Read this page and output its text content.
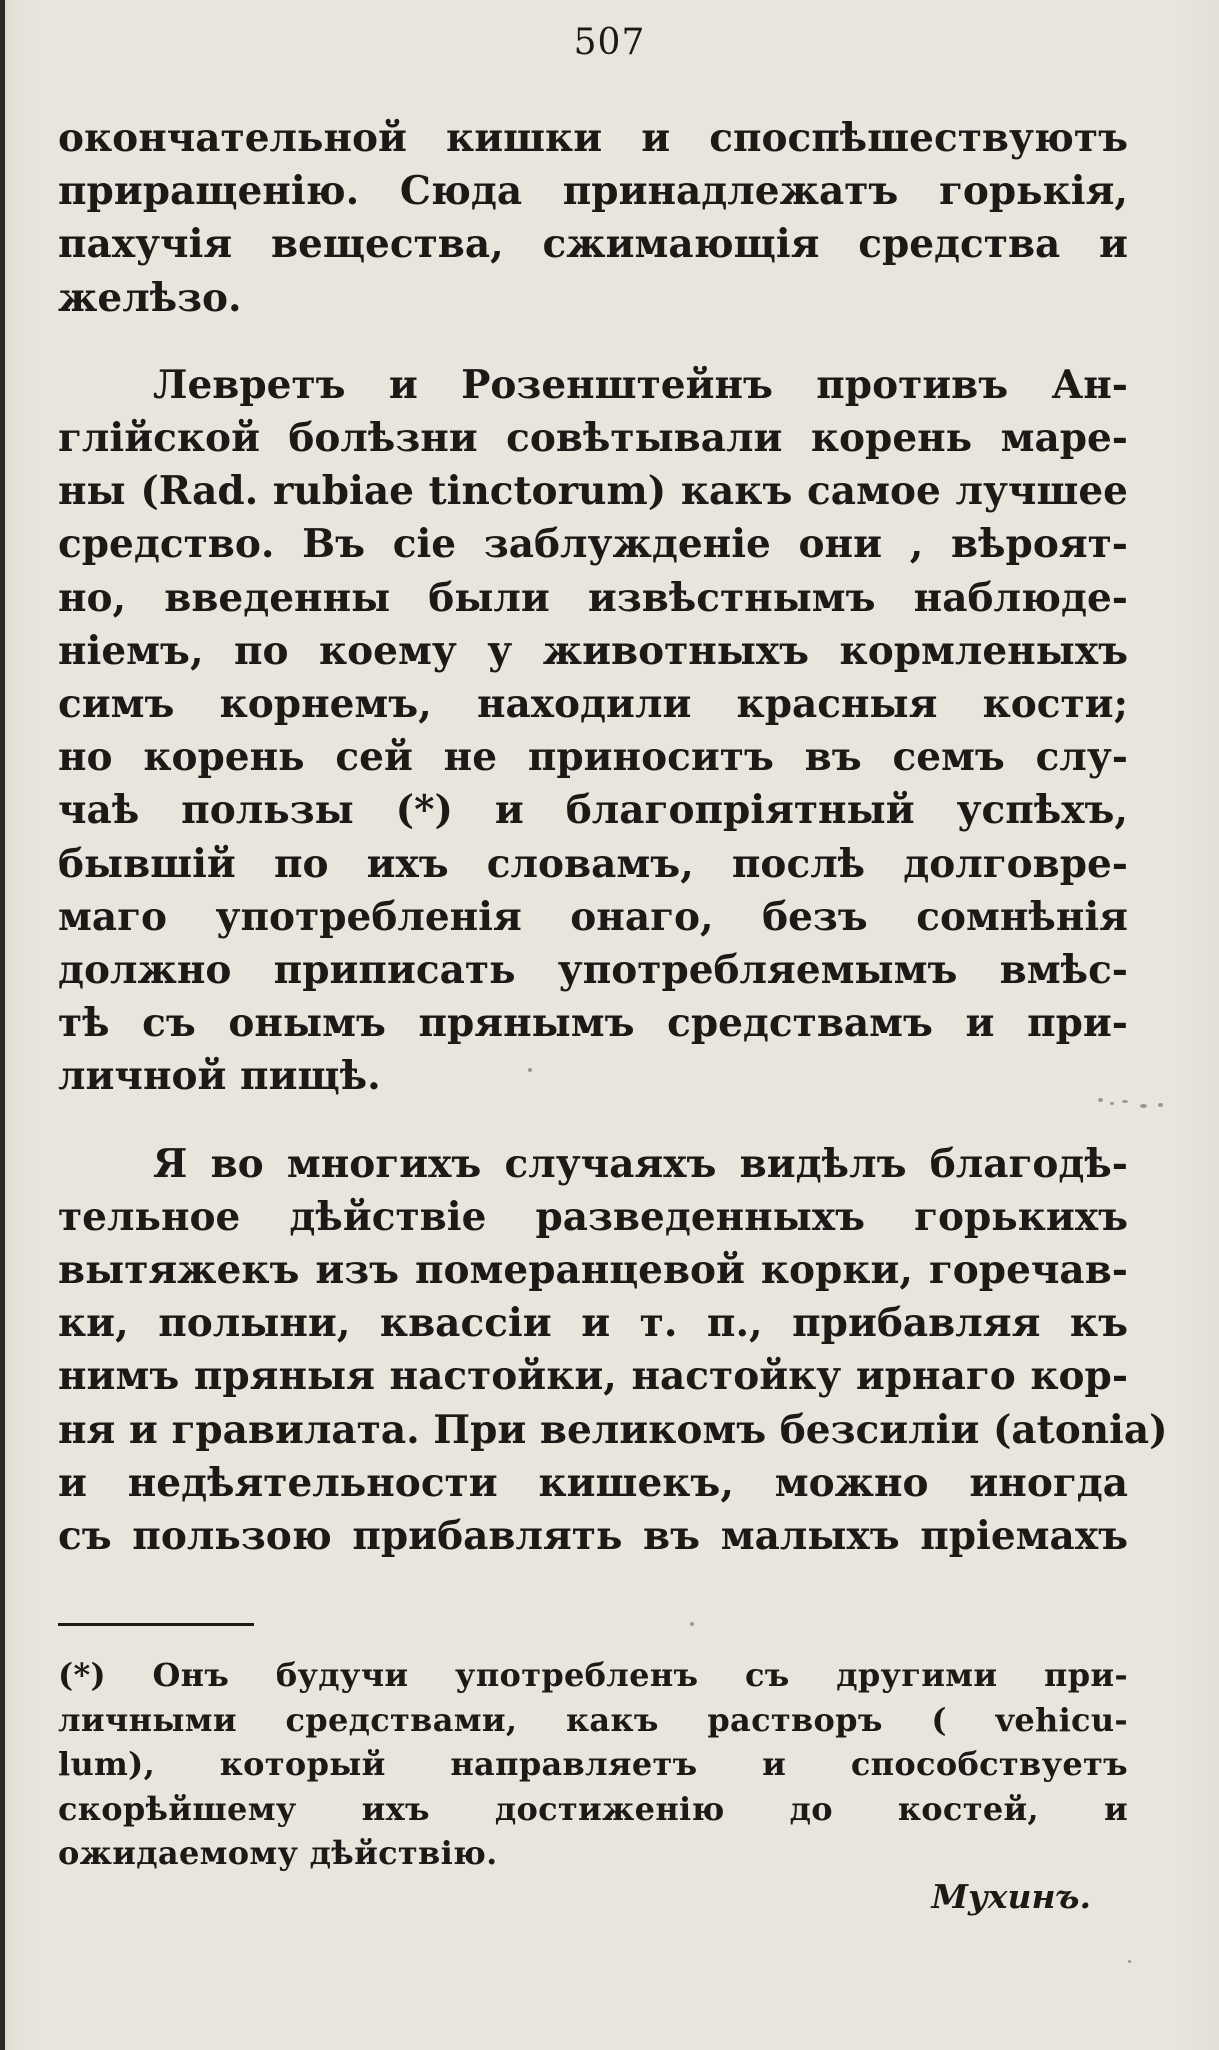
507
окончательной кишки и споспѣшествуютъ
приращенію. Сюда принадлежатъ горькія,
пахучія вещества, сжимающія средства и
желѣзо.
Левретъ и Розенштейнъ противъ Ан-
глійской болѣзни совѣтывали корень маре-
ны (Rad. rubiae tinctorum) какъ самое лучшее
средство. Въ сіе заблужденіе они , вѣроят-
но, введенны были извѣстнымъ наблюде-
ніемъ, по коему у животныхъ кормленыхъ
симъ корнемъ, находили красныя кости;
но корень сей не приноситъ въ семъ слу-
чаѣ пользы (*) и благопріятный успѣхъ,
бывшій по ихъ словамъ, послѣ долговре-
маго употребленія онаго, безъ сомнѣнія
должно приписать употребляемымъ вмѣс-
тѣ съ онымъ прянымъ средствамъ и при-
личной пищѣ.
Я во многихъ случаяхъ видѣлъ благодѣ-
тельное дѣйствіе разведенныхъ горькихъ
вытяжекъ изъ померанцевой корки, горечав-
ки, полыни, квассіи и т. п., прибавляя къ
нимъ пряныя настойки, настойку ирнаго кор-
ня и гравилата. При великомъ безсиліи (atonia)
и недѣятельности кишекъ, можно иногда
съ пользою прибавлять въ малыхъ пріемахъ
(*) Онъ будучи употребленъ съ другими при-
личными средствами, какъ растворъ ( vehicu-
lum), который направляетъ и способствуетъ
скорѣйшему ихъ достиженію до костей, и
ожидаемому дѣйствію.
Мухинъ.
